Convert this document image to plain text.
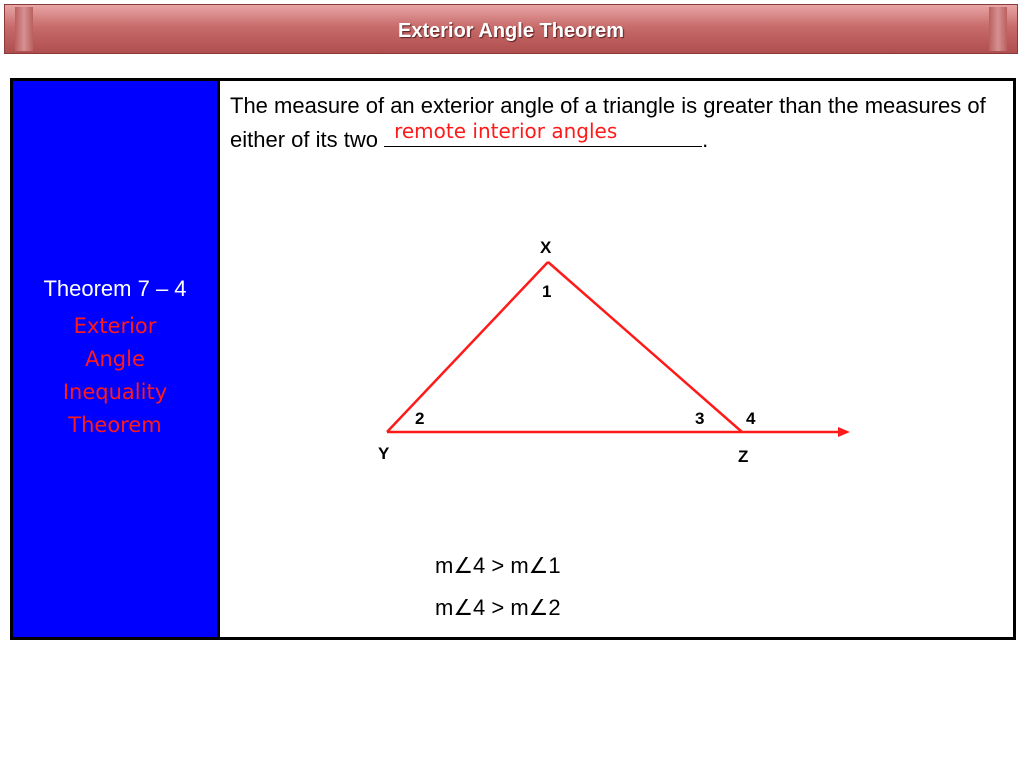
Exterior Angle Theorem
Theorem 7 – 4
Exterior
Angle
Inequality
Theorem
The measure of an exterior angle of a triangle is greater than the measures of either of its two remote interior angles	.
X
Y	Z
1
2	3 4
m∠4 > m∠1
m∠4 > m∠2
